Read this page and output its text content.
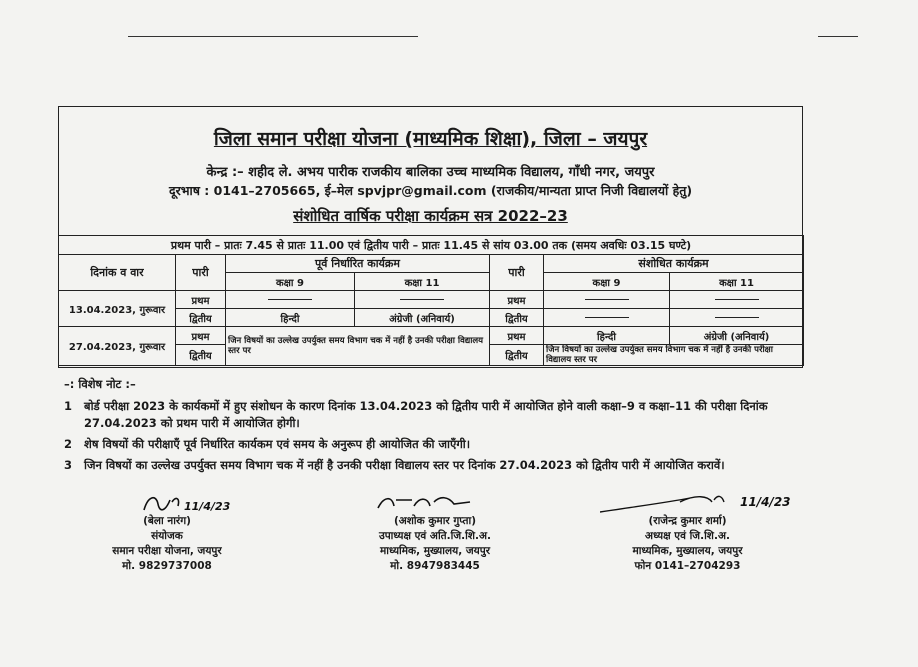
जिला समान परीक्षा योजना (माध्यमिक शिक्षा), जिला – जयपुर
केन्द्र :– शहीद ले. अभय पारीक राजकीय बालिका उच्च माध्यमिक विद्यालय, गाँधी नगर, जयपुर
दूरभाष : 0141–2705665, ई–मेल spvjpr@gmail.com (राजकीय/मान्यता प्राप्त निजी विद्यालयों हेतु)
संशोधित वार्षिक परीक्षा कार्यक्रम सत्र 2022–23
प्रथम पारी – प्रातः 7.45 से प्रातः 11.00 एवं द्वितीय पारी – प्रातः 11.45 से सांय 03.00 तक (समय अवधिः 03.15 घण्टे)						
दिनांक व वार	पारी	पूर्व निर्धारित कार्यक्रम		पारी	संशोधित कार्यक्रम	
		कक्षा 9	कक्षा 11		कक्षा 9	कक्षा 11
13.04.2023, गुरूवार	प्रथम			प्रथम		
	द्वितीय	हिन्दी	अंग्रेजी (अनिवार्य)	द्वितीय		
27.04.2023, गुरूवार	प्रथम	जिन विषयों का उल्लेख उपर्युक्त समय विभाग चक में नहीं है उनकी परीक्षा विद्यालय स्तर पर		प्रथम	हिन्दी	अंग्रेजी (अनिवार्य)
	द्वितीय			द्वितीय	जिन विषयों का उल्लेख उपर्युक्त समय विभाग चक में नहीं है उनकी परीक्षा विद्यालय स्तर पर	
–: विशेष नोट :–
1	बोर्ड परीक्षा 2023 के कार्यकमों में हुए संशोधन के कारण दिनांक 13.04.2023 को द्वितीय पारी में आयोजित होने वाली कक्षा–9 व कक्षा–11 की परीक्षा दिनांक 27.04.2023 को प्रथम पारी में आयोजित होगी।
2	शेष विषयों की परीक्षाएँ पूर्व निर्धारित कार्यकम एवं समय के अनुरूप ही आयोजित की जाएँगी।
3	जिन विषयों का उल्लेख उपर्युक्त समय विभाग चक में नहीं है उनकी परीक्षा विद्यालय स्तर पर दिनांक 27.04.2023 को द्वितीय पारी में आयोजित करावें।
11/4/23
(बेला नारंग)
संयोजक
समान परीक्षा योजना, जयपुर
मो. 9829737008
(अशोक कुमार गुप्ता)
उपाध्यक्ष एवं अति.जि.शि.अ.
माध्यमिक, मुख्यालय, जयपुर
मो. 8947983445
11/4/23
(राजेन्द्र कुमार शर्मा)
अध्यक्ष एवं जि.शि.अ.
माध्यमिक, मुख्यालय, जयपुर
फोन 0141–2704293
